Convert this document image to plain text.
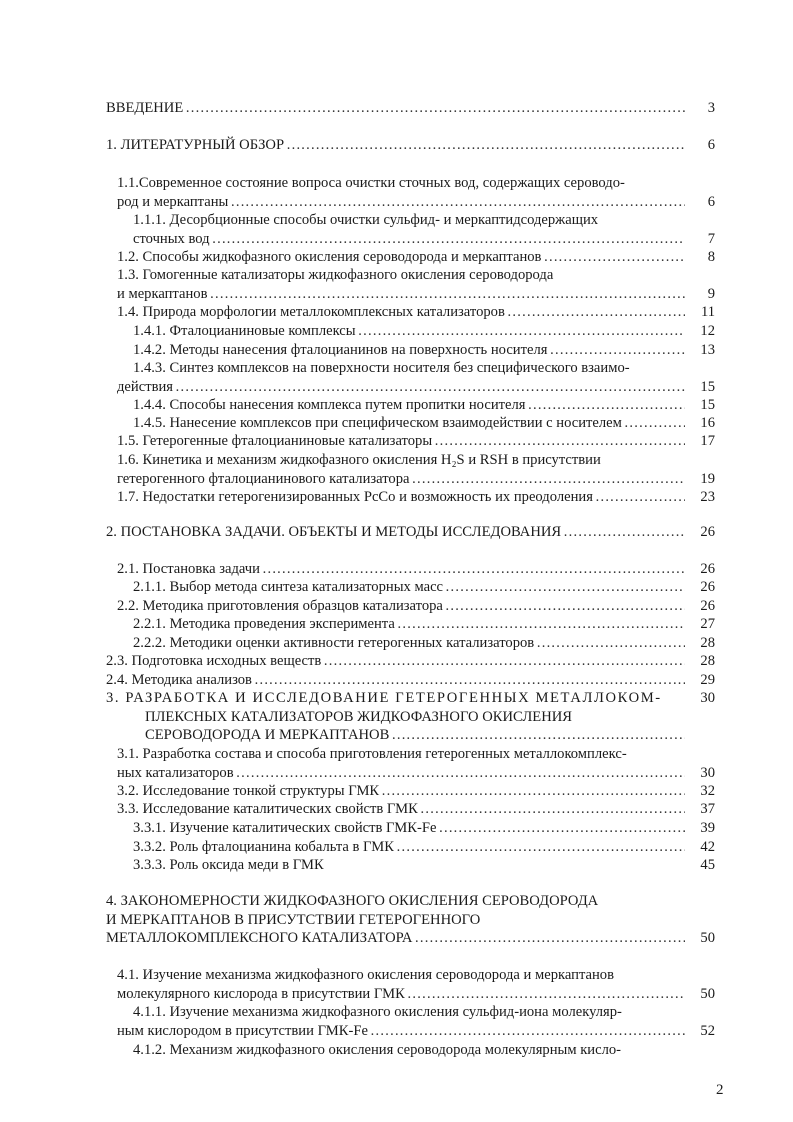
ВВЕДЕНИЕ …………………………………………………………………………………………………………………………………………………………………………………………………………………………………………	3
1. ЛИТЕРАТУРНЫЙ ОБЗОР …………………………………………………………………………………………………………………………………………………………………………………………………………………………………………	6
1.1.Современное состояние вопроса очистки сточных вод, содержащих сероводо-
род и меркаптаны …………………………………………………………………………………………………………………………………………………………………………………………………………………………………………	6
1.1.1. Десорбционные способы очистки сульфид- и меркаптидсодержащих
сточных вод …………………………………………………………………………………………………………………………………………………………………………………………………………………………………………	7
1.2. Способы жидкофазного окисления сероводорода и меркаптанов …………………………………………………………………………………………………………………………………………………………………………………………………………………………………………	8
1.3. Гомогенные катализаторы жидкофазного окисления сероводорода
и меркаптанов …………………………………………………………………………………………………………………………………………………………………………………………………………………………………………	9
1.4. Природа морфологии металлокомплексных катализаторов …………………………………………………………………………………………………………………………………………………………………………………………………………………………………………	11
1.4.1. Фталоцианиновые комплексы …………………………………………………………………………………………………………………………………………………………………………………………………………………………………………	12
1.4.2. Методы нанесения фталоцианинов на поверхность носителя …………………………………………………………………………………………………………………………………………………………………………………………………………………………………………	13
1.4.3. Синтез комплексов на поверхности носителя без специфического взаимо-
действия …………………………………………………………………………………………………………………………………………………………………………………………………………………………………………	15
1.4.4. Способы нанесения комплекса путем пропитки носителя …………………………………………………………………………………………………………………………………………………………………………………………………………………………………………	15
1.4.5. Нанесение комплексов при специфическом взаимодействии с носителем …………………………………………………………………………………………………………………………………………………………………………………………………………………………………………	16
1.5. Гетерогенные фталоцианиновые катализаторы …………………………………………………………………………………………………………………………………………………………………………………………………………………………………………	17
1.6. Кинетика и механизм жидкофазного окисления H₂S и RSH в присутствии
гетерогенного фталоцианинового катализатора …………………………………………………………………………………………………………………………………………………………………………………………………………………………………………	19
1.7. Недостатки гетерогенизированных PcCo и возможность их преодоления …………………………………………………………………………………………………………………………………………………………………………………………………………………………………………	23
2. ПОСТАНОВКА ЗАДАЧИ. ОБЪЕКТЫ И МЕТОДЫ ИССЛЕДОВАНИЯ …………………………………………………………………………………………………………………………………………………………………………………………………………………………………………	26
2.1. Постановка задачи …………………………………………………………………………………………………………………………………………………………………………………………………………………………………………	26
2.1.1. Выбор метода синтеза катализаторных масс …………………………………………………………………………………………………………………………………………………………………………………………………………………………………………	26
2.2. Методика приготовления образцов катализатора …………………………………………………………………………………………………………………………………………………………………………………………………………………………………………	26
2.2.1. Методика проведения эксперимента …………………………………………………………………………………………………………………………………………………………………………………………………………………………………………	27
2.2.2. Методики оценки активности гетерогенных катализаторов …………………………………………………………………………………………………………………………………………………………………………………………………………………………………………	28
2.3. Подготовка исходных веществ …………………………………………………………………………………………………………………………………………………………………………………………………………………………………………	28
2.4. Методика анализов …………………………………………………………………………………………………………………………………………………………………………………………………………………………………………	29
3. РАЗРАБОТКА И ИССЛЕДОВАНИЕ ГЕТЕРОГЕННЫХ МЕТАЛЛОКОМ-	30
ПЛЕКСНЫХ КАТАЛИЗАТОРОВ ЖИДКОФАЗНОГО ОКИСЛЕНИЯ
СЕРОВОДОРОДА И МЕРКАПТАНОВ
…………………………………………………………………………………………………………………………………………………………………………………………………………………………………………
3.1. Разработка состава и способа приготовления гетерогенных металлокомплекс-
ных катализаторов …………………………………………………………………………………………………………………………………………………………………………………………………………………………………………	30
3.2. Исследование тонкой структуры ГМК …………………………………………………………………………………………………………………………………………………………………………………………………………………………………………	32
3.3. Исследование каталитических свойств ГМК …………………………………………………………………………………………………………………………………………………………………………………………………………………………………………	37
3.3.1. Изучение каталитических свойств ГМК-Fe …………………………………………………………………………………………………………………………………………………………………………………………………………………………………………	39
3.3.2. Роль фталоцианина кобальта в ГМК …………………………………………………………………………………………………………………………………………………………………………………………………………………………………………	42
3.3.3. Роль оксида меди в ГМК	45
4. ЗАКОНОМЕРНОСТИ ЖИДКОФАЗНОГО ОКИСЛЕНИЯ СЕРОВОДОРОДА
И МЕРКАПТАНОВ В ПРИСУТСТВИИ ГЕТЕРОГЕННОГО
МЕТАЛЛОКОМПЛЕКСНОГО КАТАЛИЗАТОРА …………………………………………………………………………………………………………………………………………………………………………………………………………………………………………	50
4.1. Изучение механизма жидкофазного окисления сероводорода и меркаптанов
молекулярного кислорода в присутствии ГМК …………………………………………………………………………………………………………………………………………………………………………………………………………………………………………	50
4.1.1. Изучение механизма жидкофазного окисления сульфид-иона молекуляр-
ным кислородом в присутствии ГМК-Fe …………………………………………………………………………………………………………………………………………………………………………………………………………………………………………	52
4.1.2. Механизм жидкофазного окисления сероводорода молекулярным кисло-
2
